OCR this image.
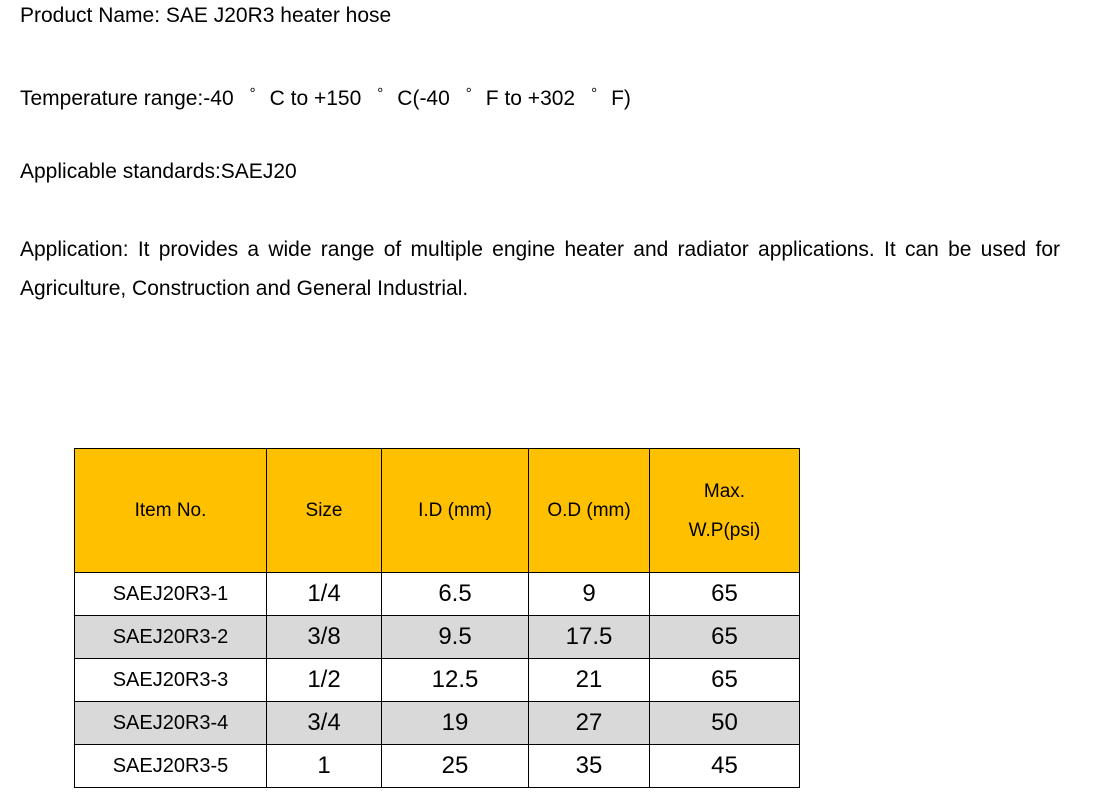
Product Name: SAE J20R3 heater hose
Temperature range:-40 ° C to +150 ° C(-40 ° F to +302 ° F)
Applicable standards:SAEJ20
Application: It provides a wide range of multiple engine heater and radiator applications. It can be used for Agriculture, Construction and General Industrial.
Item No.	Size	I.D (mm)	O.D (mm)	Max.
W.P(psi)

SAEJ20R3-1	1/4	6.5	9	65
SAEJ20R3-2	3/8	9.5	17.5	65
SAEJ20R3-3	1/2	12.5	21	65
SAEJ20R3-4	3/4	19	27	50
SAEJ20R3-5	1	25	35	45
